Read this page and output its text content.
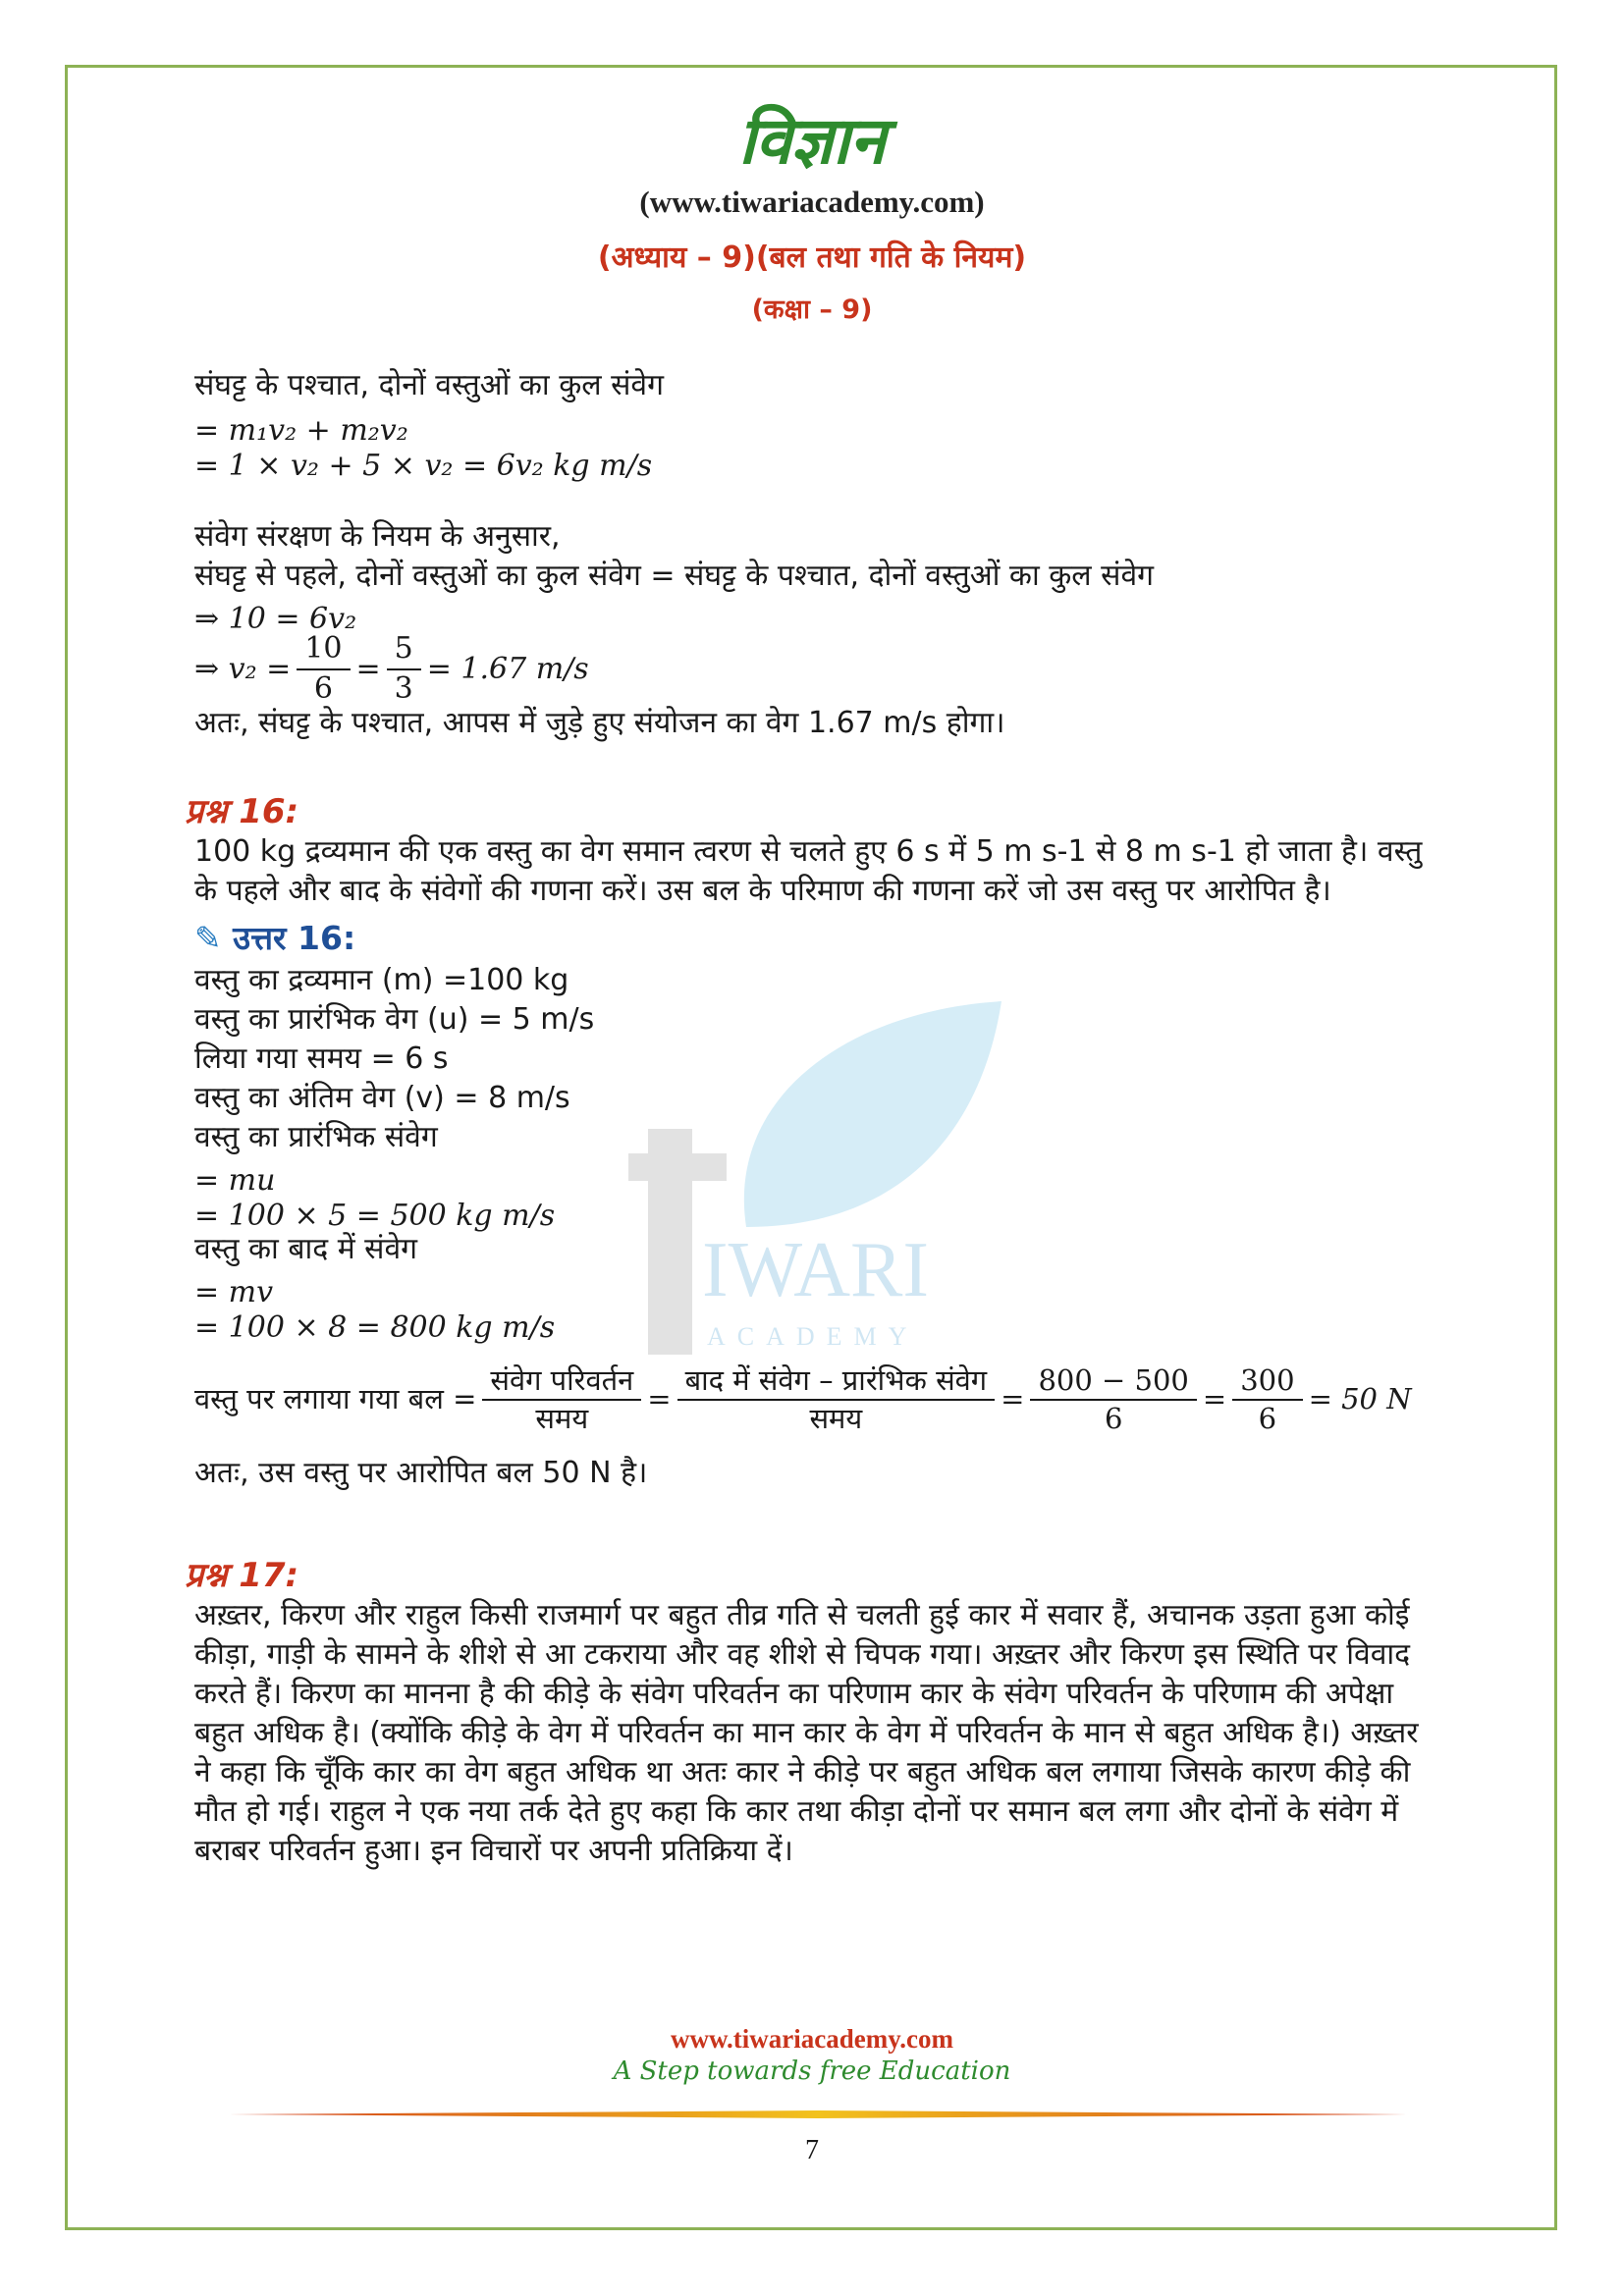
IWARI
ACADEMY
विज्ञान
(www.tiwariacademy.com)
(अध्याय – 9)(बल तथा गति के नियम)
(कक्षा – 9)
संघट्ट के पश्चात, दोनों वस्तुओं का कुल संवेग
= m₁v₂ + m₂v₂
= 1 × v₂ + 5 × v₂ = 6v₂ kg m/s
संवेग संरक्षण के नियम के अनुसार,
संघट्ट से पहले, दोनों वस्तुओं का कुल संवेग = संघट्ट के पश्चात, दोनों वस्तुओं का कुल संवेग
⇒ 10 = 6v₂
⇒ $v_2 = \frac{10}{6} = \frac{5}{3} = 1.67$ m/s
अतः, संघट्ट के पश्चात, आपस में जुड़े हुए संयोजन का वेग 1.67 m/s होगा।
प्रश्न 16:
100 kg द्रव्यमान की एक वस्तु का वेग समान त्वरण से चलते हुए 6 s में 5 m s-1 से 8 m s-1 हो जाता है। वस्तु के पहले और बाद के संवेगों की गणना करें। उस बल के परिमाण की गणना करें जो उस वस्तु पर आरोपित है।
✎ उत्तर 16:
वस्तु का द्रव्यमान (m) =100 kg
वस्तु का प्रारंभिक वेग (u) = 5 m/s
लिया गया समय = 6 s
वस्तु का अंतिम वेग (v) = 8 m/s
वस्तु का प्रारंभिक संवेग
= mu
= 100 × 5 = 500 kg m/s
वस्तु का बाद में संवेग
= mv
= 100 × 8 = 800 kg m/s
वस्तु पर लगाया गया बल = $\frac{\text{संवेग परिवर्तन}}{\text{समय}} = \frac{\text{बाद में संवेग – प्रारंभिक संवेग}}{\text{समय}} = \frac{800 - 500}{6} = \frac{300}{6} = 50$ N
अतः, उस वस्तु पर आरोपित बल 50 N है।
प्रश्न 17:
अख़्तर, किरण और राहुल किसी राजमार्ग पर बहुत तीव्र गति से चलती हुई कार में सवार हैं, अचानक उड़ता हुआ कोई कीड़ा, गाड़ी के सामने के शीशे से आ टकराया और वह शीशे से चिपक गया। अख़्तर और किरण इस स्थिति पर विवाद करते हैं। किरण का मानना है की कीड़े के संवेग परिवर्तन का परिणाम कार के संवेग परिवर्तन के परिणाम की अपेक्षा बहुत अधिक है। (क्योंकि कीड़े के वेग में परिवर्तन का मान कार के वेग में परिवर्तन के मान से बहुत अधिक है।) अख़्तर ने कहा कि चूँकि कार का वेग बहुत अधिक था अतः कार ने कीड़े पर बहुत अधिक बल लगाया जिसके कारण कीड़े की मौत हो गई। राहुल ने एक नया तर्क देते हुए कहा कि कार तथा कीड़ा दोनों पर समान बल लगा और दोनों के संवेग में बराबर परिवर्तन हुआ। इन विचारों पर अपनी प्रतिक्रिया दें।
www.tiwariacademy.com
A Step towards free Education
7
